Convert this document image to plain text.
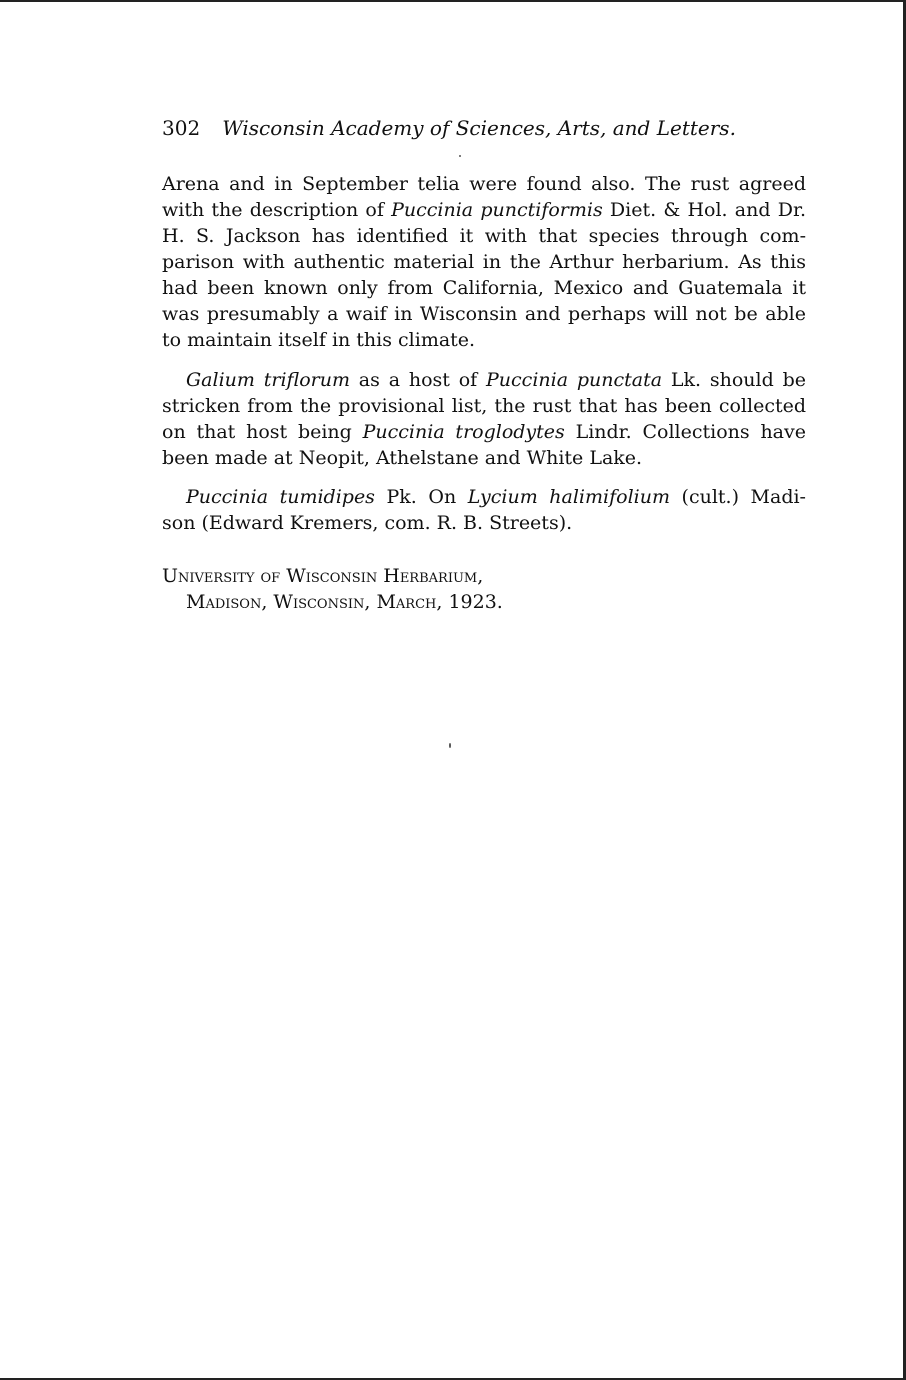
302 Wisconsin Academy of Sciences, Arts, and Letters.

Arena and in September telia were found also. The rust agreed
with the description of Puccinia punctiformis Diet. & Hol. and Dr.
H. S. Jackson has identified it with that species through com-
parison with authentic material in the Arthur herbarium. As this
had been known only from California, Mexico and Guatemala it
was presumably a waif in Wisconsin and perhaps will not be able
to maintain itself in this climate.

Galium triflorum as a host of Puccinia punctata Lk. should be
stricken from the provisional list, the rust that has been collected
on that host being Puccinia troglodytes Lindr. Collections have
been made at Neopit, Athelstane and White Lake.

Puccinia tumidipes Pk. On Lycium halimifolium (cult.) Madi-
son (Edward Kremers, com. R. B. Streets).

University of Wisconsin Herbarium,
Madison, Wisconsin, March, 1923.
